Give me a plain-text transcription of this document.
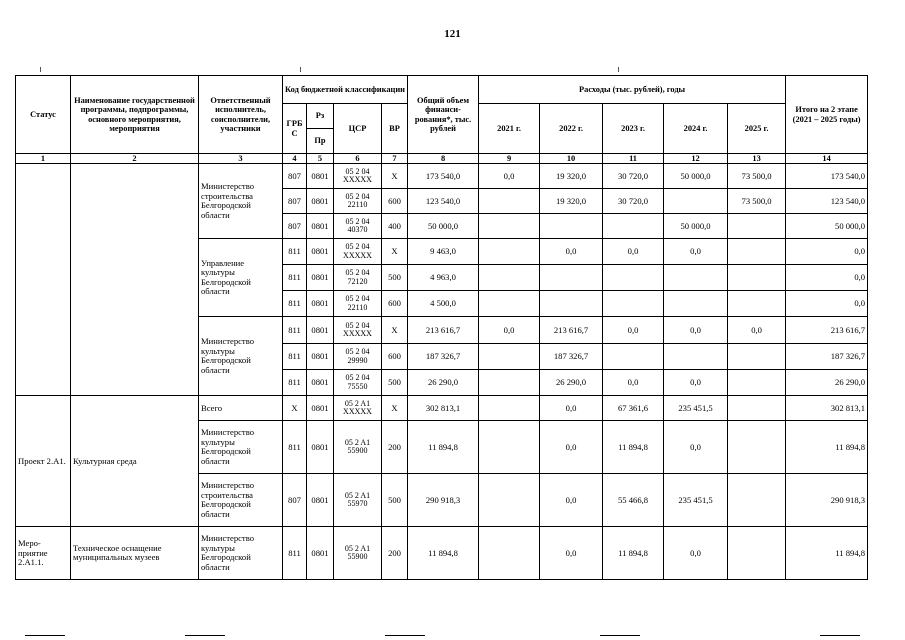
121
Статус	Наименование государственной программы, подпрограммы, основного мероприятия, мероприятия	Ответственный исполнитель, соисполнители, участники	Код бюджетной классификации				Общий объем финанси-рования*, тыс. рублей	Расходы (тыс. рублей), годы					Итого на 2 этапе (2021 – 2025 годы)
			ГРБ С	Рз	ЦСР	ВР		2021 г.	2022 г.	2023 г.	2024 г.	2025 г.	
				Пр									
1	2	3	4	5	6	7	8	9	10	11	12	13	14
		Министерство строительства Белгородской области	807	0801	05 2 04 XXXXX	X	173 540,0	0,0	19 320,0	30 720,0	50 000,0	73 500,0	173 540,0
			807	0801	05 2 04 22110	600	123 540,0		19 320,0	30 720,0		73 500,0	123 540,0
			807	0801	05 2 04 40370	400	50 000,0				50 000,0		50 000,0
		Управление культуры Белгородской области	811	0801	05 2 04 XXXXX	X	9 463,0		0,0	0,0	0,0		0,0
			811	0801	05 2 04 72120	500	4 963,0						0,0
			811	0801	05 2 04 22110	600	4 500,0						0,0
		Министерство культуры Белгородской области	811	0801	05 2 04 XXXXX	X	213 616,7	0,0	213 616,7	0,0	0,0	0,0	213 616,7
			811	0801	05 2 04 29990	600	187 326,7		187 326,7				187 326,7
			811	0801	05 2 04 75550	500	26 290,0		26 290,0	0,0	0,0		26 290,0
Проект 2.А1.	Культурная среда	Всего	X	0801	05 2 A1 XXXXX	X	302 813,1		0,0	67 361,6	235 451,5		302 813,1
		Министерство культуры Белгородской области	811	0801	05 2 A1 55900	200	11 894,8		0,0	11 894,8	0,0		11 894,8
		Министерство строительства Белгородской области	807	0801	05 2 A1 55970	500	290 918,3		0,0	55 466,8	235 451,5		290 918,3
Меро-приятие 2.А1.1.	Техническое оснащение муниципальных музеев	Министерство культуры Белгородской области	811	0801	05 2 A1 55900	200	11 894,8		0,0	11 894,8	0,0		11 894,8
